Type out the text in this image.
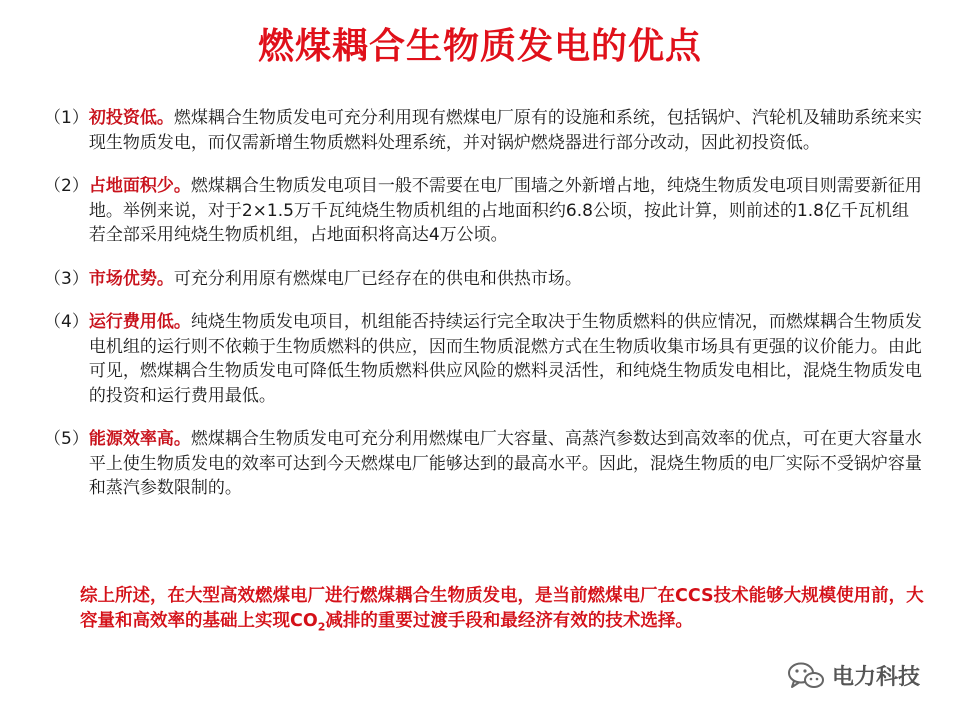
燃煤耦合生物质发电的优点
（1） 初投资低。燃煤耦合生物质发电可充分利用现有燃煤电厂原有的设施和系统，包括锅炉、汽轮机及辅助系统来实现生物质发电，而仅需新增生物质燃料处理系统，并对锅炉燃烧器进行部分改动，因此初投资低。
（2） 占地面积少。燃煤耦合生物质发电项目一般不需要在电厂围墙之外新增占地，纯烧生物质发电项目则需要新征用地。举例来说，对于2×1.5万千瓦纯烧生物质机组的占地面积约6.8公顷，按此计算，则前述的1.8亿千瓦机组若全部采用纯烧生物质机组，占地面积将高达4万公顷。
（3） 市场优势。可充分利用原有燃煤电厂已经存在的供电和供热市场。
（4） 运行费用低。纯烧生物质发电项目，机组能否持续运行完全取决于生物质燃料的供应情况，而燃煤耦合生物质发电机组的运行则不依赖于生物质燃料的供应，因而生物质混燃方式在生物质收集市场具有更强的议价能力。由此可见，燃煤耦合生物质发电可降低生物质燃料供应风险的燃料灵活性，和纯烧生物质发电相比，混烧生物质发电的投资和运行费用最低。
（5） 能源效率高。燃煤耦合生物质发电可充分利用燃煤电厂大容量、高蒸汽参数达到高效率的优点，可在更大容量水平上使生物质发电的效率可达到今天燃煤电厂能够达到的最高水平。因此，混烧生物质的电厂实际不受锅炉容量和蒸汽参数限制的。
综上所述，在大型高效燃煤电厂进行燃煤耦合生物质发电，是当前燃煤电厂在CCS技术能够大规模使用前，大容量和高效率的基础上实现$CO_2$减排的重要过渡手段和最经济有效的技术选择。
电力科技
